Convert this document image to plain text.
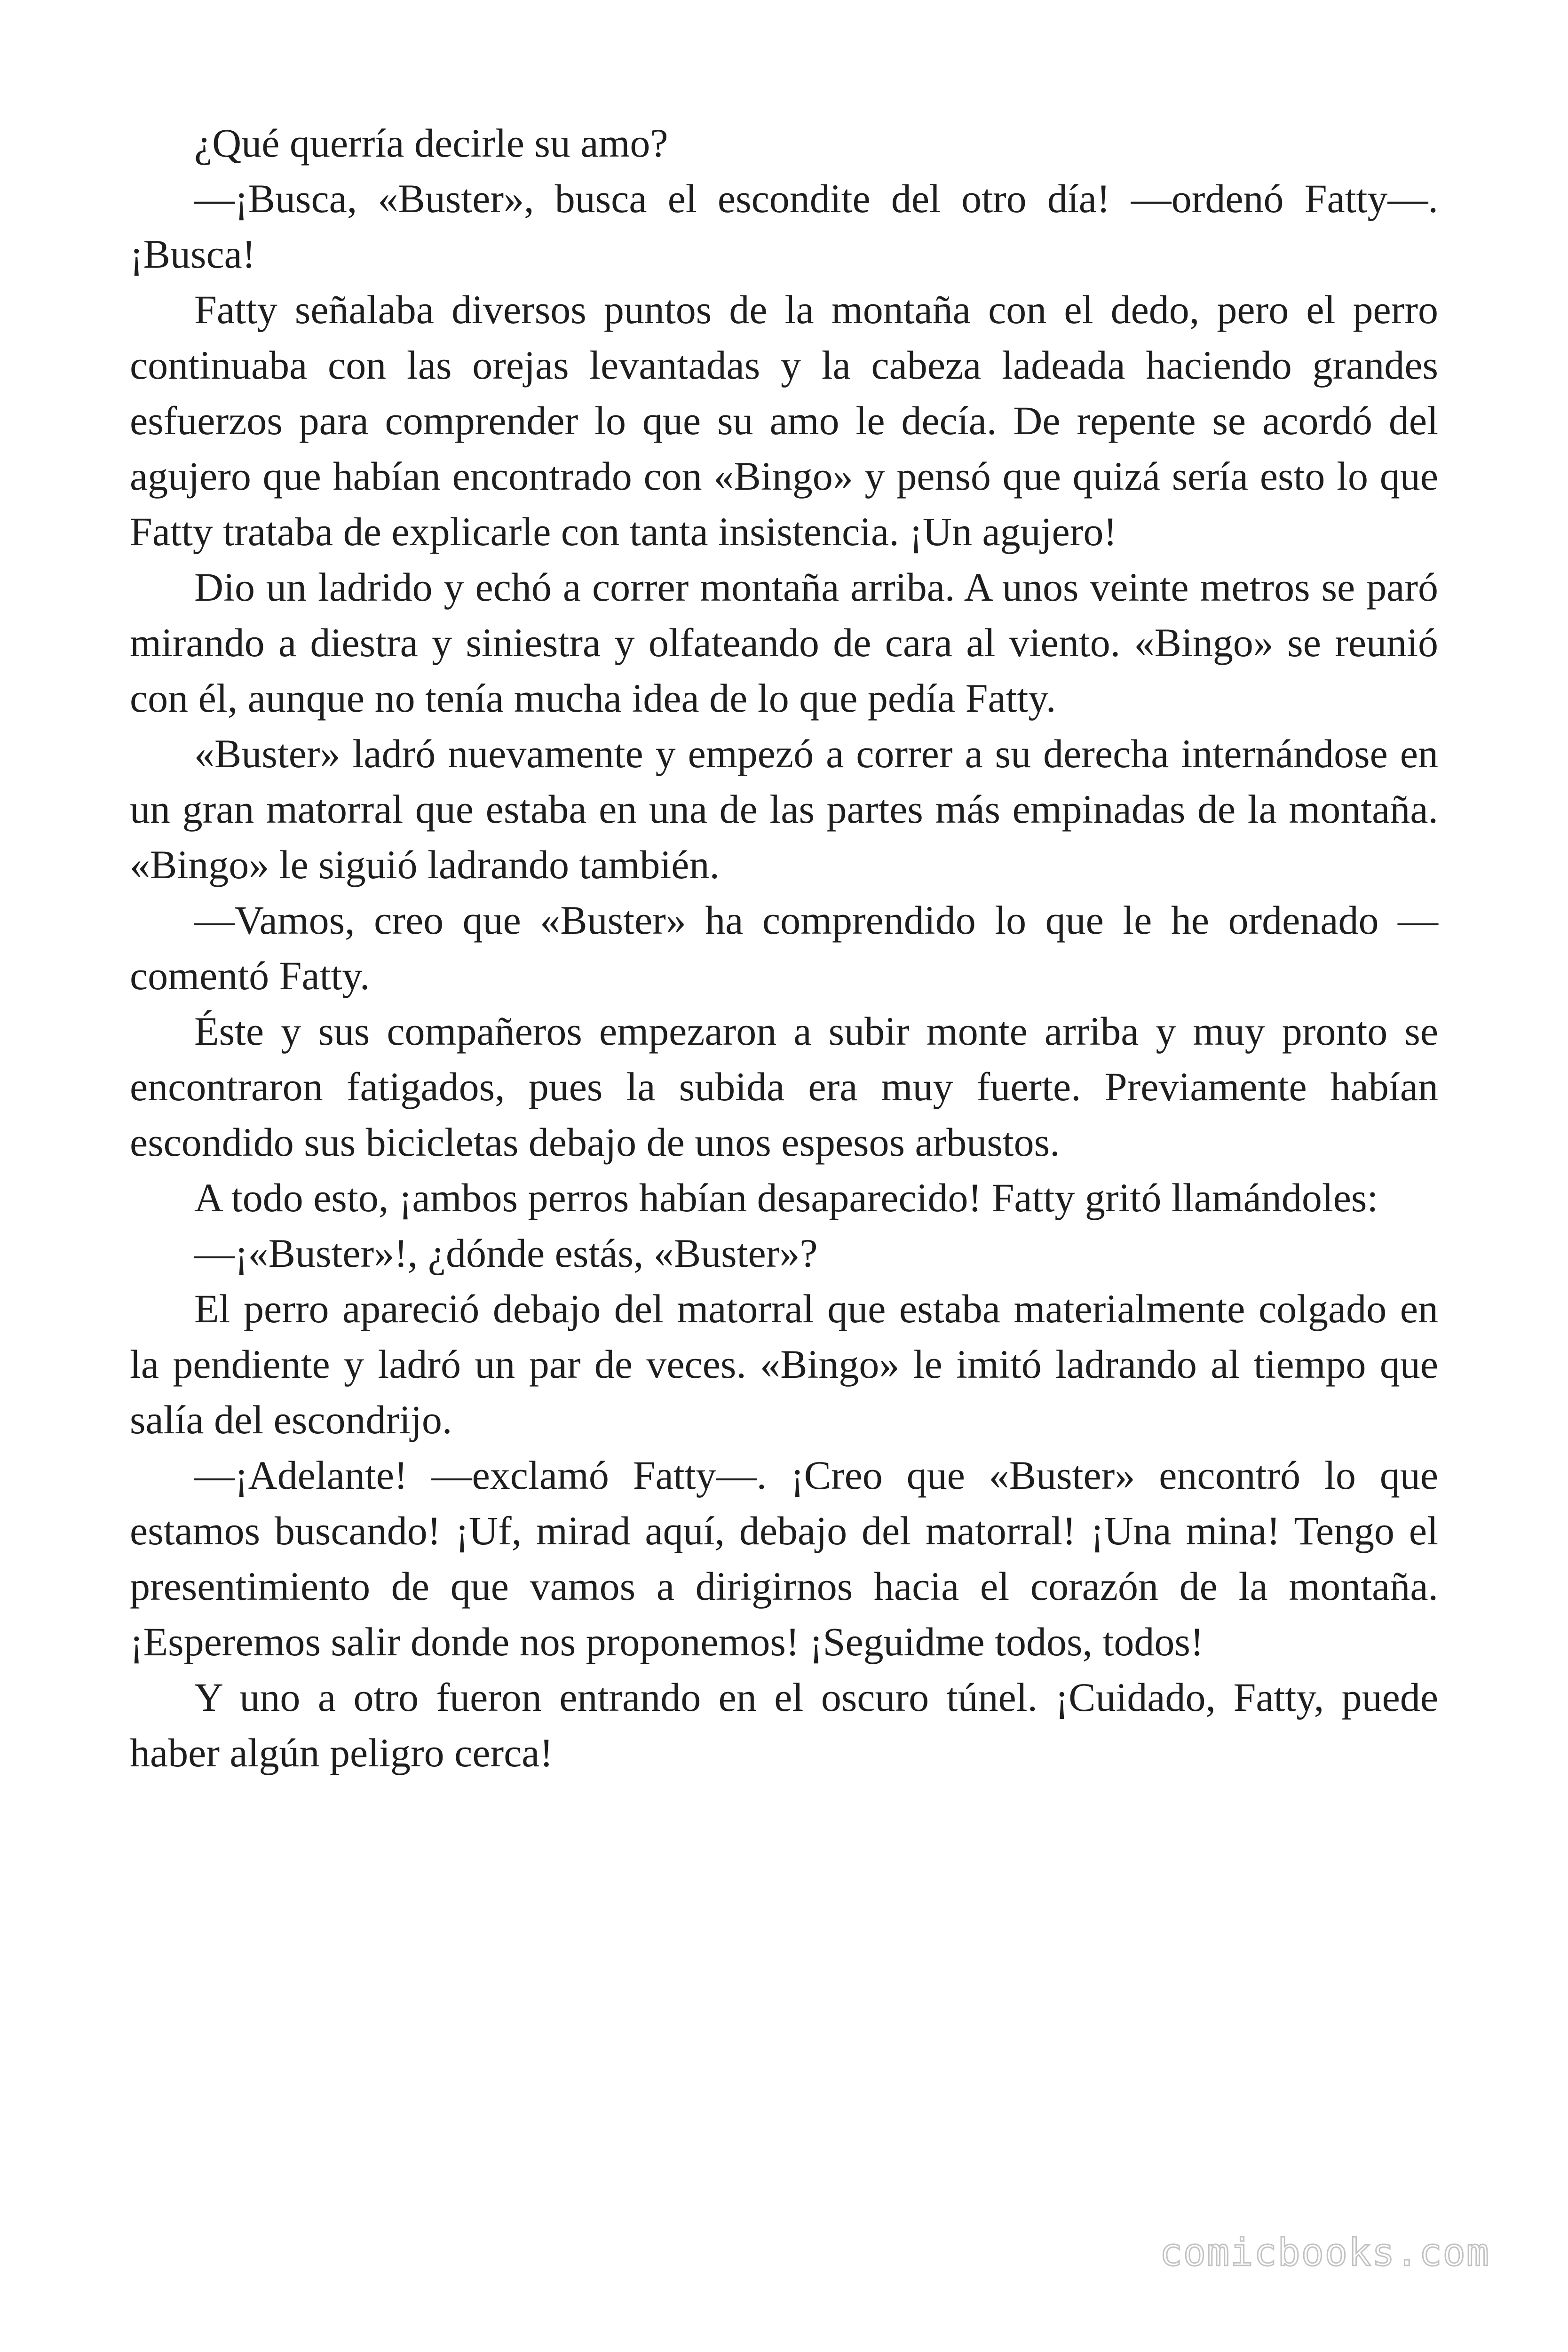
¿Qué querría decirle su amo?

—¡Busca, «Buster», busca el escondite del otro día! —ordenó Fatty—. ¡Busca!

Fatty señalaba diversos puntos de la montaña con el dedo, pero el perro continuaba con las orejas levantadas y la cabeza ladeada haciendo grandes esfuerzos para comprender lo que su amo le decía. De repente se acordó del agujero que habían encontrado con «Bingo» y pensó que quizá sería esto lo que Fatty trataba de explicarle con tanta insistencia. ¡Un agujero!

Dio un ladrido y echó a correr montaña arriba. A unos veinte metros se paró mirando a diestra y siniestra y olfateando de cara al viento. «Bingo» se reunió con él, aunque no tenía mucha idea de lo que pedía Fatty.

«Buster» ladró nuevamente y empezó a correr a su derecha internándose en un gran matorral que estaba en una de las partes más empinadas de la montaña. «Bingo» le siguió ladrando también.

—Vamos, creo que «Buster» ha comprendido lo que le he ordenado —comentó Fatty.

Éste y sus compañeros empezaron a subir monte arriba y muy pronto se encontraron fatigados, pues la subida era muy fuerte. Previamente habían escondido sus bicicletas debajo de unos espesos arbustos.

A todo esto, ¡ambos perros habían desaparecido! Fatty gritó llamándoles:

—¡«Buster»!, ¿dónde estás, «Buster»?

El perro apareció debajo del matorral que estaba materialmente colgado en la pendiente y ladró un par de veces. «Bingo» le imitó ladrando al tiempo que salía del escondrijo.

—¡Adelante! —exclamó Fatty—. ¡Creo que «Buster» encontró lo que estamos buscando! ¡Uf, mirad aquí, debajo del matorral! ¡Una mina! Tengo el presentimiento de que vamos a dirigirnos hacia el corazón de la montaña. ¡Esperemos salir donde nos proponemos! ¡Seguidme todos, todos!

Y uno a otro fueron entrando en el oscuro túnel. ¡Cuidado, Fatty, puede haber algún peligro cerca!

comicbooks.com
